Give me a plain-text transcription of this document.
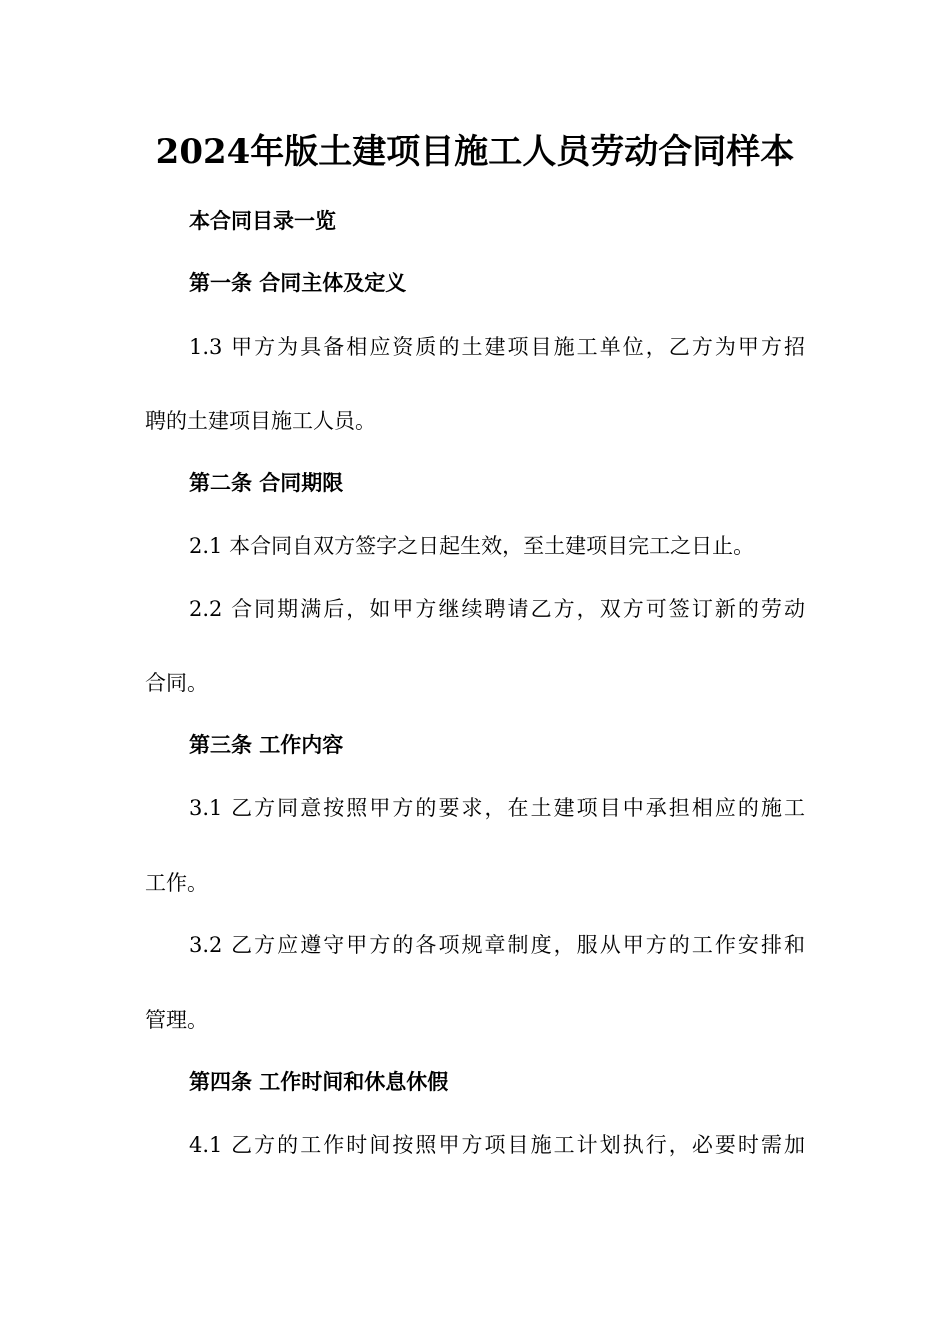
2024年版土建项目施工人员劳动合同样本
本合同目录一览
第一条 合同主体及定义
1.3 甲方为具备相应资质的土建项目施工单位，乙方为甲方招
聘的土建项目施工人员。
第二条 合同期限
2.1 本合同自双方签字之日起生效，至土建项目完工之日止。
2.2 合同期满后，如甲方继续聘请乙方，双方可签订新的劳动
合同。
第三条 工作内容
3.1 乙方同意按照甲方的要求，在土建项目中承担相应的施工
工作。
3.2 乙方应遵守甲方的各项规章制度，服从甲方的工作安排和
管理。
第四条 工作时间和休息休假
4.1 乙方的工作时间按照甲方项目施工计划执行，必要时需加
